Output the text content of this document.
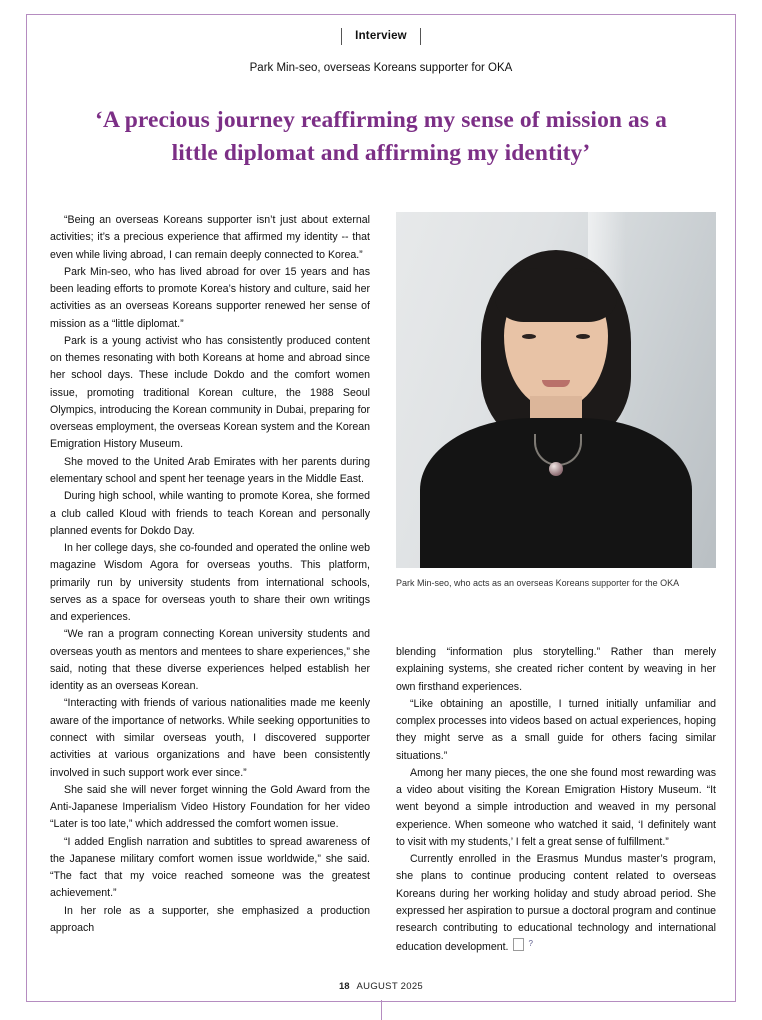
Interview
Park Min-seo, overseas Koreans supporter for OKA
‘A precious journey reaffirming my sense of mission as a little diplomat and affirming my identity’
Park Min-seo, who acts as an overseas Koreans supporter for the OKA

“Being an overseas Koreans supporter isn’t just about external activities; it’s a precious experience that affirmed my identity -- that even while living abroad, I can remain deeply connected to Korea.”

Park Min-seo, who has lived abroad for over 15 years and has been leading efforts to promote Korea’s history and culture, said her activities as an overseas Koreans supporter renewed her sense of mission as a “little diplomat.”

Park is a young activist who has consistently produced content on themes resonating with both Koreans at home and abroad since her school days. These include Dokdo and the comfort women issue, promoting traditional Korean culture, the 1988 Seoul Olympics, introducing the Korean community in Dubai, preparing for overseas employment, the overseas Korean system and the Korean Emigration History Museum.

She moved to the United Arab Emirates with her parents during elementary school and spent her teenage years in the Middle East.

During high school, while wanting to promote Korea, she formed a club called Kloud with friends to teach Korean and personally planned events for Dokdo Day.

In her college days, she co-founded and operated the online web magazine Wisdom Agora for overseas youths. This platform, primarily run by university students from international schools, serves as a space for overseas youth to share their own writings and experiences.

“We ran a program connecting Korean university students and overseas youth as mentors and mentees to share experiences,” she said, noting that these diverse experiences helped establish her identity as an overseas Korean.

“Interacting with friends of various nationalities made me keenly aware of the importance of networks. While seeking opportunities to connect with similar overseas youth, I discovered supporter activities at various organizations and have been consistently involved in such support work ever since.”

She said she will never forget winning the Gold Award from the Anti-Japanese Imperialism Video History Foundation for her video “Later is too late,” which addressed the comfort women issue.

“I added English narration and subtitles to spread awareness of the Japanese military comfort women issue worldwide,” she said. “The fact that my voice reached someone was the greatest achievement.”

In her role as a supporter, she emphasized a production approach

blending “information plus storytelling.” Rather than merely explaining systems, she created richer content by weaving in her own firsthand experiences.

“Like obtaining an apostille, I turned initially unfamiliar and complex processes into videos based on actual experiences, hoping they might serve as a small guide for others facing similar situations.”

Among her many pieces, the one she found most rewarding was a video about visiting the Korean Emigration History Museum. “It went beyond a simple introduction and weaved in my personal experience. When someone who watched it said, ‘I definitely want to visit with my students,’ I felt a great sense of fulfillment.”

Currently enrolled in the Erasmus Mundus master’s program, she plans to continue producing content related to overseas Koreans during her working holiday and study abroad period. She expressed her aspiration to pursue a doctoral program and continue research contributing to educational technology and international education development.?

18 AUGUST 2025
